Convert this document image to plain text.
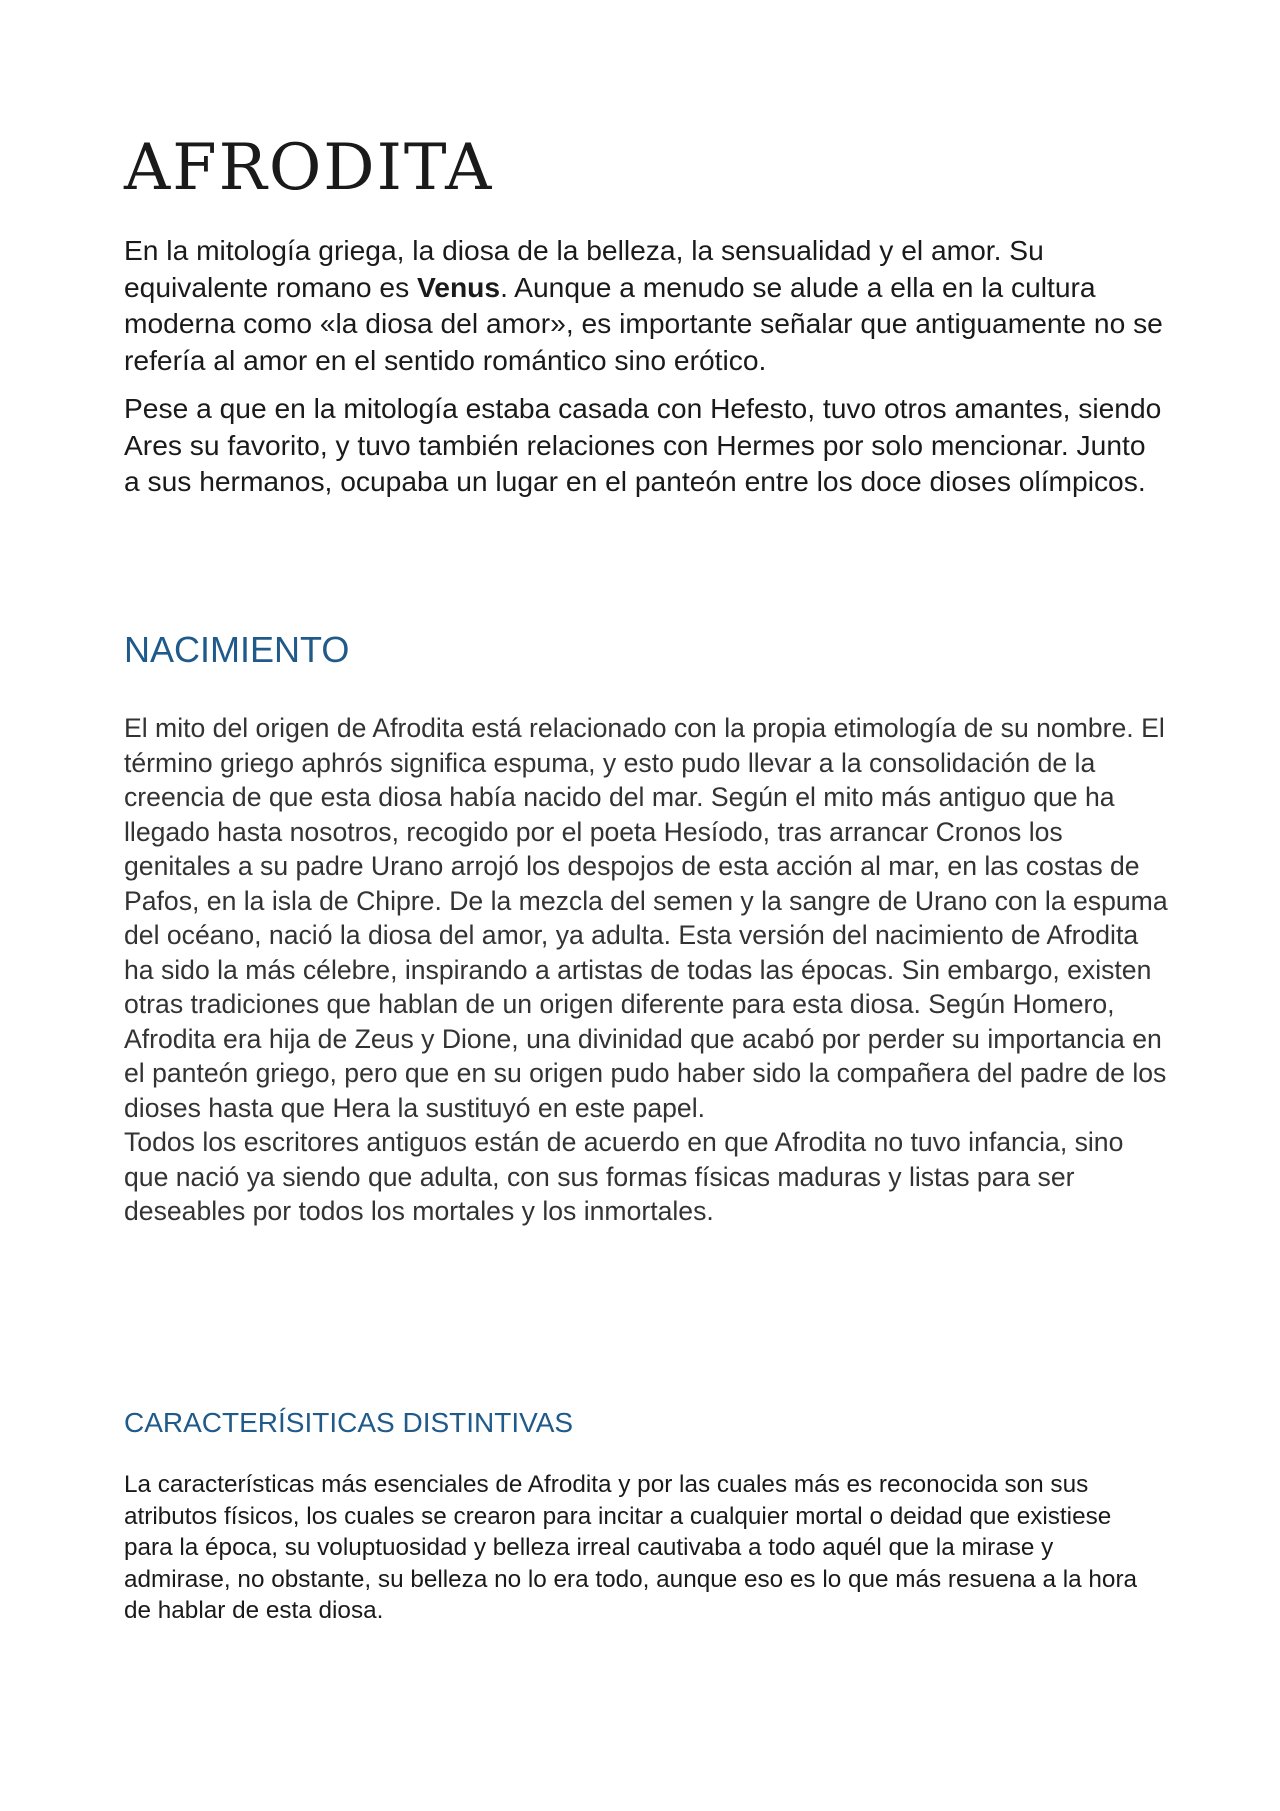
AFRODITA

En la mitología griega, la diosa de la belleza, la sensualidad y el amor. Su equivalente romano es Venus. Aunque a menudo se alude a ella en la cultura moderna como «la diosa del amor», es importante señalar que antiguamente no se refería al amor en el sentido romántico sino erótico.

Pese a que en la mitología estaba casada con Hefesto, tuvo otros amantes, siendo Ares su favorito, y tuvo también relaciones con Hermes por solo mencionar. Junto a sus hermanos, ocupaba un lugar en el panteón entre los doce dioses olímpicos.

NACIMIENTO

El mito del origen de Afrodita está relacionado con la propia etimología de su nombre. El término griego aphrós significa espuma, y esto pudo llevar a la consolidación de la creencia de que esta diosa había nacido del mar. Según el mito más antiguo que ha llegado hasta nosotros, recogido por el poeta Hesíodo, tras arrancar Cronos los genitales a su padre Urano arrojó los despojos de esta acción al mar, en las costas de Pafos, en la isla de Chipre. De la mezcla del semen y la sangre de Urano con la espuma del océano, nació la diosa del amor, ya adulta. Esta versión del nacimiento de Afrodita ha sido la más célebre, inspirando a artistas de todas las épocas. Sin embargo, existen otras tradiciones que hablan de un origen diferente para esta diosa. Según Homero, Afrodita era hija de Zeus y Dione, una divinidad que acabó por perder su importancia en el panteón griego, pero que en su origen pudo haber sido la compañera del padre de los dioses hasta que Hera la sustituyó en este papel.

Todos los escritores antiguos están de acuerdo en que Afrodita no tuvo infancia, sino que nació ya siendo que adulta, con sus formas físicas maduras y listas para ser deseables por todos los mortales y los inmortales.

CARACTERÍSITICAS DISTINTIVAS

La características más esenciales de Afrodita y por las cuales más es reconocida son sus atributos físicos, los cuales se crearon para incitar a cualquier mortal o deidad que existiese para la época, su voluptuosidad y belleza irreal cautivaba a todo aquél que la mirase y admirase, no obstante, su belleza no lo era todo, aunque eso es lo que más resuena a la hora de hablar de esta diosa.
